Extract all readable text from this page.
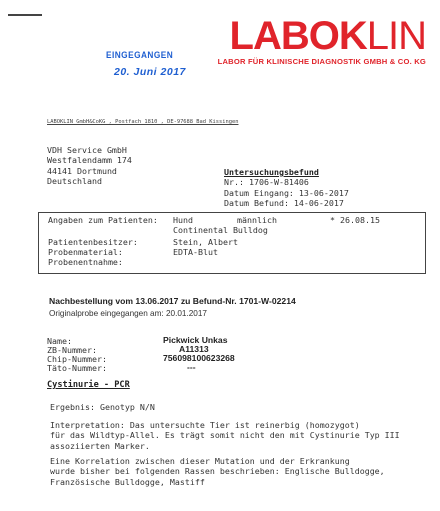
EINGEGANGEN
20. Juni 2017
LABOKLIN
LABOR FÜR KLINISCHE DIAGNOSTIK GMBH & CO. KG
LABOKLIN GmbH&CoKG , Postfach 1810 , DE-97688 Bad Kissingen
VDH Service GmbH
Westfalendamm 174
44141 Dortmund
Deutschland
Untersuchungsbefund
Nr.: 1706-W-81406
Datum Eingang: 13-06-2017
Datum Befund: 14-06-2017
Angaben zum Patienten: Hund	männlich	* 26.08.15
Continental Bulldog
Patientenbesitzer:	Stein, Albert
Probenmaterial:	EDTA-Blut
Probenentnahme:
Nachbestellung vom 13.06.2017 zu Befund-Nr. 1701-W-02214
Originalprobe eingegangen am: 20.01.2017
Name:	Pickwick Unkas
ZB-Nummer:	A11313
Chip-Nummer:	756098100623268
Täto-Nummer:	---
Cystinurie - PCR
Ergebnis: Genotyp N/N
Interpretation: Das untersuchte Tier ist reinerbig (homozygot)
für das Wildtyp-Allel. Es trägt somit nicht den mit Cystinurie Typ III
assoziierten Marker.
Eine Korrelation zwischen dieser Mutation und der Erkrankung
wurde bisher bei folgenden Rassen beschrieben: Englische Bulldogge,
Französische Bulldogge, Mastiff
